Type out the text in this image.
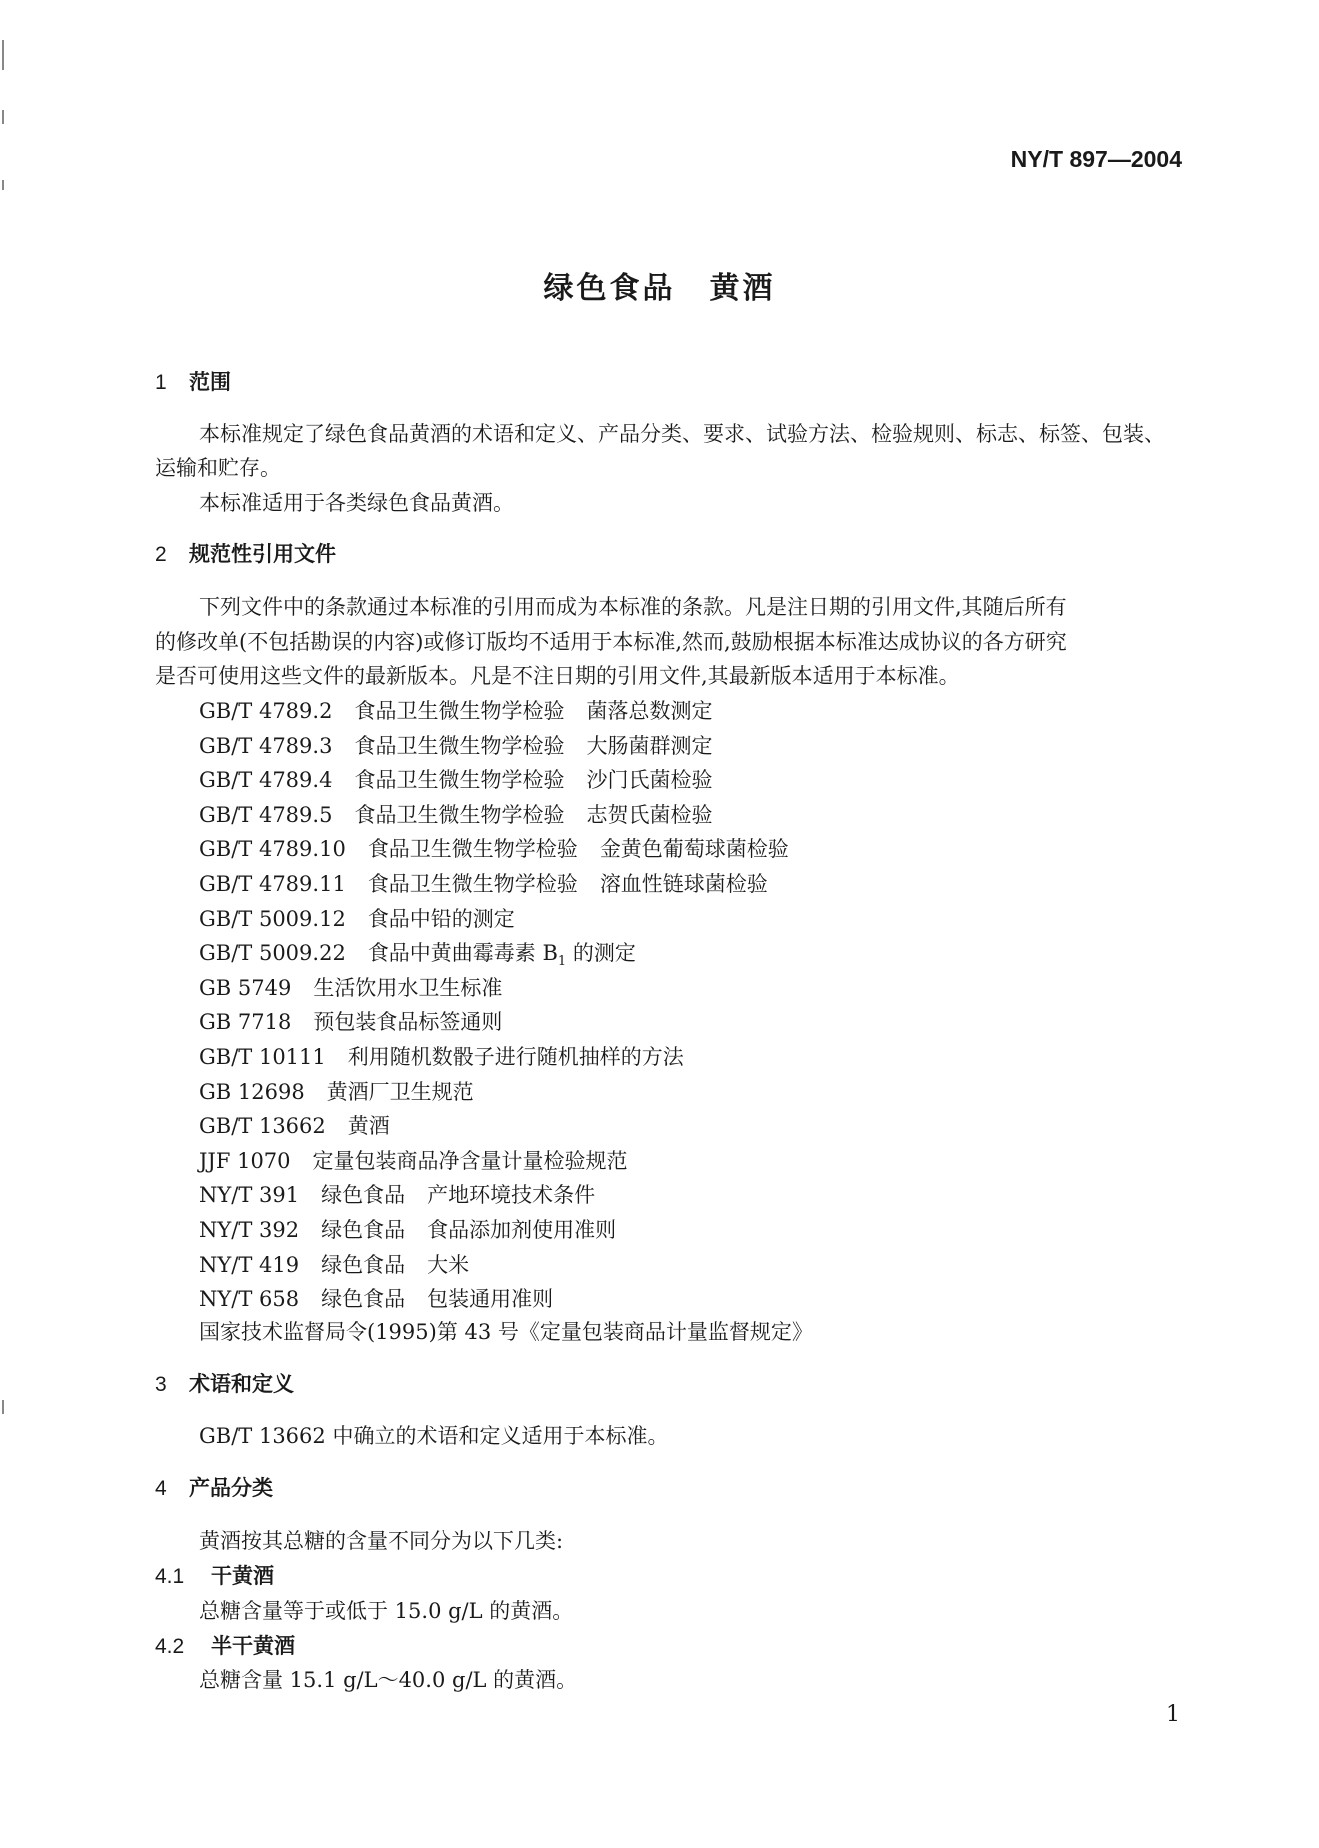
NY/T 897—2004
绿色食品 黄酒
1 范围
本标准规定了绿色食品黄酒的术语和定义、产品分类、要求、试验方法、检验规则、标志、标签、包装、
运输和贮存。
本标准适用于各类绿色食品黄酒。
2 规范性引用文件
下列文件中的条款通过本标准的引用而成为本标准的条款。凡是注日期的引用文件,其随后所有
的修改单(不包括勘误的内容)或修订版均不适用于本标准,然而,鼓励根据本标准达成协议的各方研究
是否可使用这些文件的最新版本。凡是不注日期的引用文件,其最新版本适用于本标准。
GB/T 4789.2 食品卫生微生物学检验 菌落总数测定
GB/T 4789.3 食品卫生微生物学检验 大肠菌群测定
GB/T 4789.4 食品卫生微生物学检验 沙门氏菌检验
GB/T 4789.5 食品卫生微生物学检验 志贺氏菌检验
GB/T 4789.10 食品卫生微生物学检验 金黄色葡萄球菌检验
GB/T 4789.11 食品卫生微生物学检验 溶血性链球菌检验
GB/T 5009.12 食品中铅的测定
GB/T 5009.22 食品中黄曲霉毒素 $B_1$ 的测定
GB 5749 生活饮用水卫生标准
GB 7718 预包装食品标签通则
GB/T 10111 利用随机数骰子进行随机抽样的方法
GB 12698 黄酒厂卫生规范
GB/T 13662 黄酒
JJF 1070 定量包装商品净含量计量检验规范
NY/T 391 绿色食品 产地环境技术条件
NY/T 392 绿色食品 食品添加剂使用准则
NY/T 419 绿色食品 大米
NY/T 658 绿色食品 包装通用准则
国家技术监督局令(1995)第 43 号《定量包装商品计量监督规定》
3 术语和定义
GB/T 13662 中确立的术语和定义适用于本标准。
4 产品分类
黄酒按其总糖的含量不同分为以下几类:
4.1 干黄酒
总糖含量等于或低于 15.0 g/L 的黄酒。
4.2 半干黄酒
总糖含量 15.1 g/L～40.0 g/L 的黄酒。
1
